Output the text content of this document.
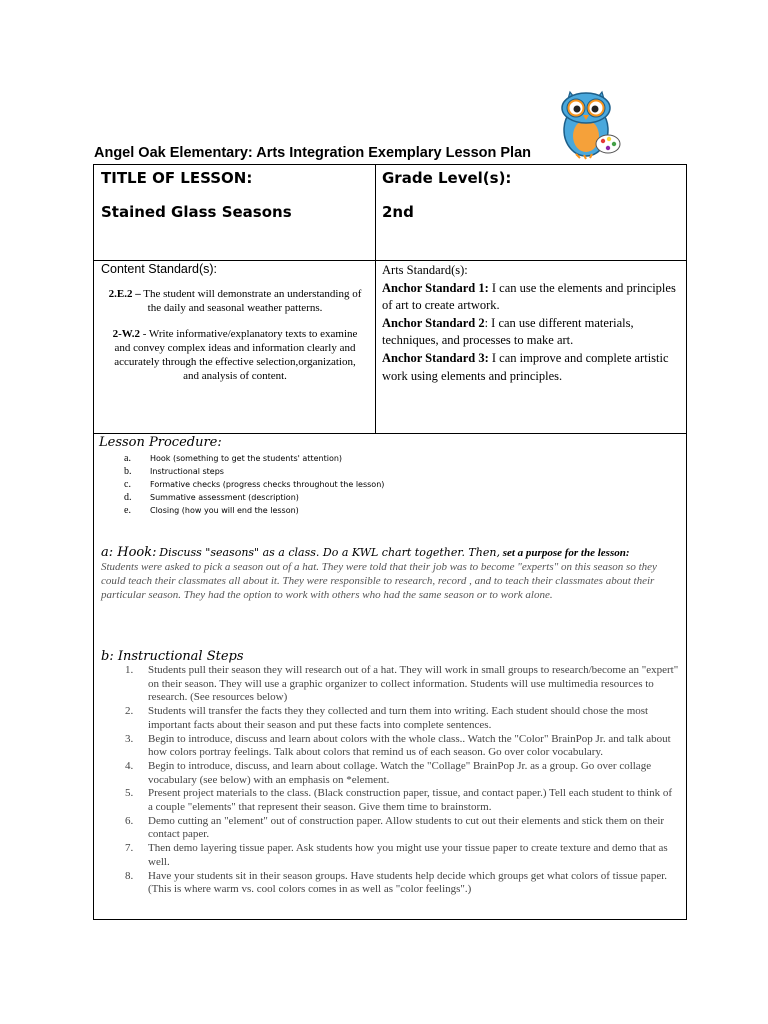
Angel Oak Elementary: Arts Integration Exemplary Lesson Plan
TITLE OF LESSON:
Stained Glass Seasons
Grade Level(s):
2nd
Content Standard(s):

2.E.2 – The student will demonstrate an understanding of the daily and seasonal weather patterns.

2-W.2 - Write informative/explanatory texts to examine and convey complex ideas and information clearly and accurately through the effective selection,organization, and analysis of content.

Arts Standard(s):
Anchor Standard 1: I can use the elements and principles of art to create artwork.
Anchor Standard 2: I can use different materials, techniques, and processes to make art.
Anchor Standard 3: I can improve and complete artistic work using elements and principles.
Lesson Procedure:
a. Hook (something to get the students' attention)
b. Instructional steps
c. Formative checks (progress checks throughout the lesson)
d. Summative assessment (description)
e. Closing (how you will end the lesson)
a: Hook: Discuss "seasons" as a class. Do a KWL chart together. Then, set a purpose for the lesson:
Students were asked to pick a season out of a hat. They were told that their job was to become "experts" on this season so they could teach their classmates all about it. They were responsible to research, record , and to teach their classmates about their particular season. They had the option to work with others who had the same season or to work alone.
b: Instructional Steps
1. Students pull their season they will research out of a hat. They will work in small groups to research/become an "expert" on their season. They will use a graphic organizer to collect information. Students will use multimedia resources to research. (See resources below)
2. Students will transfer the facts they they collected and turn them into writing. Each student should chose the most important facts about their season and put these facts into complete sentences.
3. Begin to introduce, discuss and learn about colors with the whole class.. Watch the "Color" BrainPop Jr. and talk about how colors portray feelings. Talk about colors that remind us of each season. Go over color vocabulary.
4. Begin to introduce, discuss, and learn about collage. Watch the "Collage" BrainPop Jr. as a group. Go over collage vocabulary (see below) with an emphasis on *element.
5. Present project materials to the class. (Black construction paper, tissue, and contact paper.) Tell each student to think of a couple "elements" that represent their season. Give them time to brainstorm.
6. Demo cutting an "element" out of construction paper. Allow students to cut out their elements and stick them on their contact paper.
7. Then demo layering tissue paper. Ask students how you might use your tissue paper to create texture and demo that as well.
8. Have your students sit in their season groups. Have students help decide which groups get what colors of tissue paper. (This is where warm vs. cool colors comes in as well as "color feelings".)
